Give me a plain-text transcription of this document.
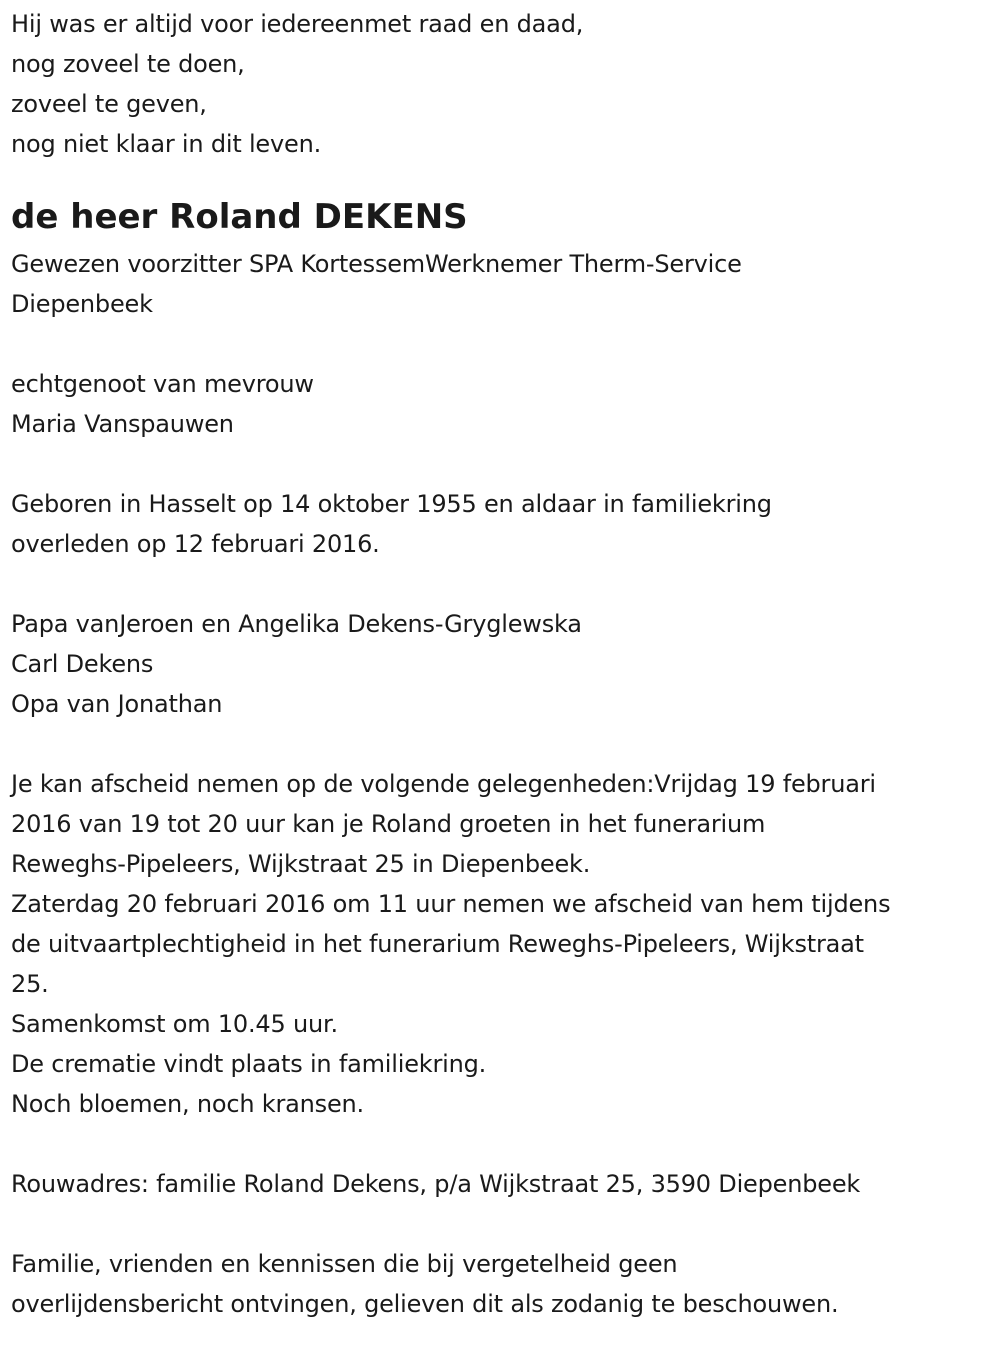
Hij was er altijd voor iedereenmet raad en daad,
nog zoveel te doen,
zoveel te geven,
nog niet klaar in dit leven.
de heer Roland DEKENS
Gewezen voorzitter SPA KortessemWerknemer Therm-Service
Diepenbeek
echtgenoot van mevrouw
Maria Vanspauwen
Geboren in Hasselt op 14 oktober 1955 en aldaar in familiekring
overleden op 12 februari 2016.
Papa vanJeroen en Angelika Dekens-Gryglewska
Carl Dekens
Opa van Jonathan
Je kan afscheid nemen op de volgende gelegenheden:Vrijdag 19 februari
2016 van 19 tot 20 uur kan je Roland groeten in het funerarium
Reweghs-Pipeleers, Wijkstraat 25 in Diepenbeek.
Zaterdag 20 februari 2016 om 11 uur nemen we afscheid van hem tijdens
de uitvaartplechtigheid in het funerarium Reweghs-Pipeleers, Wijkstraat
25.
Samenkomst om 10.45 uur.
De crematie vindt plaats in familiekring.
Noch bloemen, noch kransen.
Rouwadres: familie Roland Dekens, p/a Wijkstraat 25, 3590 Diepenbeek
Familie, vrienden en kennissen die bij vergetelheid geen
overlijdensbericht ontvingen, gelieven dit als zodanig te beschouwen.
